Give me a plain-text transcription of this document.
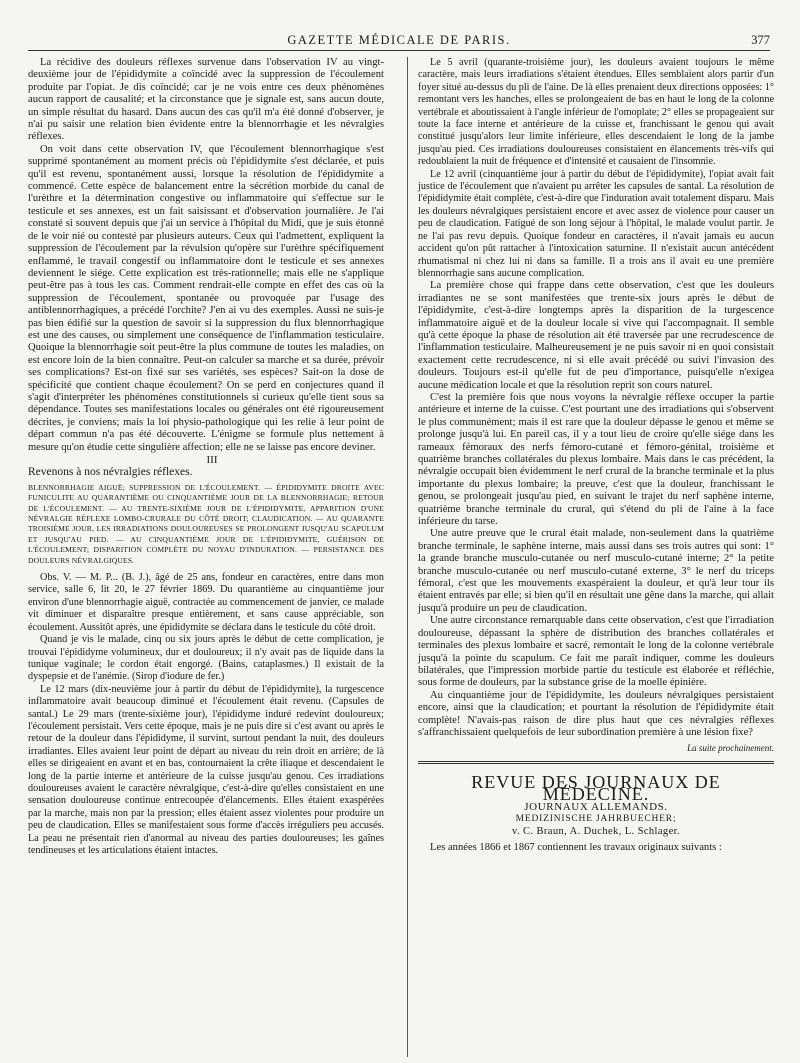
GAZETTE MÉDICALE DE PARIS.	377

La récidive des douleurs réflexes survenue dans l'observation IV au vingt-deuxième jour de l'épididymite a coïncidé avec la suppression de l'écoulement produite par l'opiat. Je dis coïncidé; car je ne vois entre ces deux phénomènes aucun rapport de causalité; et la circonstance que je signale est, sans aucun doute, un simple résultat du hasard. Dans aucun des cas qu'il m'a été donné d'observer, je n'ai pu saisir une relation bien évidente entre la blennorrhagie et les névralgies réflexes.

On voit dans cette observation IV, que l'écoulement blennorrhagique s'est supprimé spontanément au moment précis où l'épididymite s'est déclarée, et puis qu'il est revenu, spontanément aussi, lorsque la résolution de l'épididymite a commencé. Cette espèce de balancement entre la sécrétion morbide du canal de l'urèthre et la détermination congestive ou inflammatoire qui s'effectue sur le testicule et ses annexes, est un fait saisissant et d'observation journalière. Je l'ai constaté si souvent depuis que j'ai un service à l'hôpital du Midi, que je suis étonné de le voir nié ou contesté par plusieurs auteurs. Ceux qui l'admettent, expliquent la suppression de l'écoulement par la révulsion qu'opère sur l'urèthre spécifiquement enflammé, le travail congestif ou inflammatoire dont le testicule et ses annexes deviennent le siége. Cette explication est très-rationnelle; mais elle ne s'applique peut-être pas à tous les cas. Comment rendrait-elle compte en effet des cas où la suppression de l'écoulement, spontanée ou provoquée par l'usage des antiblennorrhagiques, a précédé l'orchite? J'en ai vu des exemples. Aussi ne suis-je pas bien édifié sur la question de savoir si la suppression du flux blennorrhagique est une des causes, ou simplement une conséquence de l'inflammation testiculaire. Quoique la blennorrhagie soit peut-être la plus commune de toutes les maladies, on est encore loin de la bien connaître. Peut-on calculer sa marche et sa durée, prévoir ses complications? Est-on fixé sur ses variétés, ses espèces? Sait-on la dose de spécificité que contient chaque écoulement? On se perd en conjectures quand il s'agit d'interpréter les phénomènes constitutionnels si curieux qu'elle tient sous sa dépendance. Toutes ses manifestations locales ou générales ont été rigoureusement décrites, je conviens; mais la loi physio-pathologique qui les relie à leur point de départ commun n'a pas été découverte. L'énigme se formule plus nettement à mesure qu'on étudie cette singulière affection; elle ne se laisse pas encore deviner.

III

Revenons à nos névralgies réflexes.

BLENNORRHAGIE AIGUË; SUPPRESSION DE L'ÉCOULEMENT. — ÉPIDIDYMITE DROITE AVEC FUNICULITE AU QUARANTIÈME OU CINQUANTIÈME JOUR DE LA BLENNORRHAGIE; RETOUR DE L'ÉCOULEMENT. — AU TRENTE-SIXIÈME JOUR DE L'ÉPIDIDYMITE, APPARITION D'UNE NÉVRALGIE RÉFLEXE LOMBO-CRURALE DU CÔTÉ DROIT; CLAUDICATION. — AU QUARANTE TROISIÈME JOUR, LES IRRADIATIONS DOULOUREUSES SE PROLONGENT JUSQU'AU SCAPULUM ET JUSQU'AU PIED. — AU CINQUANTIÈME JOUR DE L'ÉPIDIDYMITE, GUÉRISON DE L'ÉCOULEMENT; DISPARITION COMPLÈTE DU NOYAU D'INDURATION. — PERSISTANCE DES DOULEURS NÉVRALGIQUES.

Obs. V. — M. P... (B. J.), âgé de 25 ans, fondeur en caractères, entre dans mon service, salle 6, lit 20, le 27 février 1869. Du quarantième au cinquantième jour environ d'une blennorrhagie aiguë, contractée au commencement de janvier, ce malade vit diminuer et disparaître presque entièrement, et sans cause appréciable, son écoulement. Aussitôt après, une épididymite se déclara dans le testicule du côté droit.

Quand je vis le malade, cinq ou six jours après le début de cette complication, je trouvai l'épididyme volumineux, dur et douloureux; il n'y avait pas de liquide dans la tunique vaginale; le cordon était engorgé. (Bains, cataplasmes.) Il existait de la dyspepsie et de l'anémie. (Sirop d'iodure de fer.)

Le 12 mars (dix-neuvième jour à partir du début de l'épididymite), la turgescence inflammatoire avait beaucoup diminué et l'écoulement était revenu. (Capsules de santal.) Le 29 mars (trente-sixième jour), l'épididyme induré redevint douloureux; l'écoulement persistait. Vers cette époque, mais je ne puis dire si c'est avant ou après le retour de la douleur dans l'épididyme, il survint, surtout pendant la nuit, des douleurs irradiantes. Elles avaient leur point de départ au niveau du rein droit en arrière; de là elles se dirigeaient en avant et en bas, contournaient la crête iliaque et descendaient le long de la partie interne et antérieure de la cuisse jusqu'au genou. Ces irradiations douloureuses avaient le caractère névralgique, c'est-à-dire qu'elles consistaient en une sensation douloureuse continue entrecoupée d'élancements. Elles étaient exaspérées par la marche, mais non par la pression; elles étaient assez violentes pour produire un peu de claudication. Elles se manifestaient sous forme d'accès irréguliers peu accusés. La peau ne présentait rien d'anormal au niveau des parties douloureuses; les gaînes tendineuses et les articulations étaient intactes.

Le 5 avril (quarante-troisième jour), les douleurs avaient toujours le même caractère, mais leurs irradiations s'étaient étendues. Elles semblaient alors partir d'un foyer situé au-dessus du pli de l'aine. De là elles prenaient deux directions opposées: 1° remontant vers les hanches, elles se prolongeaient de bas en haut le long de la colonne vertébrale et aboutissaient à l'angle inférieur de l'omoplate; 2° elles se propageaient sur toute la face interne et antérieure de la cuisse et, franchissant le genou qui avait constitué jusqu'alors leur limite inférieure, elles descendaient le long de la jambe jusqu'au pied. Ces irradiations douloureuses consistaient en élancements très-vifs qui redoublaient la nuit de fréquence et d'intensité et causaient de l'insomnie.

Le 12 avril (cinquantième jour à partir du début de l'épididymite), l'opiat avait fait justice de l'écoulement que n'avaient pu arrêter les capsules de santal. La résolution de l'épididymite était complète, c'est-à-dire que l'induration avait totalement disparu. Mais les douleurs névralgiques persistaient encore et avec assez de violence pour causer un peu de claudication. Fatigué de son long séjour à l'hôpital, le malade voulut partir. Je ne l'ai pas revu depuis. Quoique fondeur en caractères, il n'avait jamais eu aucun accident qu'on pût rattacher à l'intoxication saturnine. Il n'existait aucun antécédent rhumatismal ni chez lui ni dans sa famille. Il a trois ans il avait eu une première blennorrhagie sans aucune complication.

La première chose qui frappe dans cette observation, c'est que les douleurs irradiantes ne se sont manifestées que trente-six jours après le début de l'épididymite, c'est-à-dire longtemps après la disparition de la turgescence inflammatoire aiguë et de la douleur locale si vive qui l'accompagnait. Il semble qu'à cette époque la phase de résolution ait été traversée par une recrudescence de l'inflammation testiculaire. Malheureusement je ne puis savoir ni en quoi consistait exactement cette recrudescence, ni si elle avait précédé ou suivi l'invasion des douleurs. Toujours est-il qu'elle fut de peu d'importance, puisqu'elle n'exigea aucune médication locale et que la résolution reprit son cours naturel.

C'est la première fois que nous voyons la névralgie réflexe occuper la partie antérieure et interne de la cuisse. C'est pourtant une des irradiations qui s'observent le plus communément; mais il est rare que la douleur dépasse le genou et même se prolonge jusqu'à lui. En pareil cas, il y a tout lieu de croire qu'elle siége dans les rameaux fémoraux des nerfs fémoro-cutané et fémoro-génital, troisième et quatrième branches collatérales du plexus lombaire. Mais dans le cas précédent, la névralgie occupait bien évidemment le nerf crural de la branche terminale et la plus importante du plexus lombaire; la preuve, c'est que la douleur, franchissant le genou, se prolongeait jusqu'au pied, en suivant le trajet du nerf saphène interne, quatrième branche terminale du crural, qui s'étend du pli de l'aine à la face inférieure du tarse.

Une autre preuve que le crural était malade, non-seulement dans la quatrième branche terminale, le saphène interne, mais aussi dans ses trois autres qui sont: 1° la grande branche musculo-cutanée ou nerf musculo-cutané interne; 2° la petite branche musculo-cutanée ou nerf musculo-cutané externe, 3° le nerf du triceps fémoral, c'est que les mouvements exaspéraient la douleur, et qu'à leur tour ils étaient entravés par elle; si bien qu'il en résultait une gêne dans la marche, qui allait jusqu'à produire un peu de claudication.

Une autre circonstance remarquable dans cette observation, c'est que l'irradiation douloureuse, dépassant la sphère de distribution des branches collatérales et terminales des plexus lombaire et sacré, remontait le long de la colonne vertébrale jusqu'à la pointe du scapulum. Ce fait me paraît indiquer, comme les douleurs bilatérales, que l'impression morbide partie du testicule est élaborée et réfléchie, sous forme de douleurs, par la substance grise de la moelle épinière.

Au cinquantième jour de l'épididymite, les douleurs névralgiques persistaient encore, ainsi que la claudication; et pourtant la résolution de l'épididymite était complète! N'avais-pas raison de dire plus haut que ces névralgies réflexes s'affranchissaient quelquefois de leur subordination première à une lésion fixe?

La suite prochainement.

REVUE DES JOURNAUX DE MÉDECINE.

JOURNAUX ALLEMANDS.

MEDIZINISCHE JAHRBUECHER;

v. C. Braun, A. Duchek, L. Schlager.

Les années 1866 et 1867 contiennent les travaux originaux suivants :
